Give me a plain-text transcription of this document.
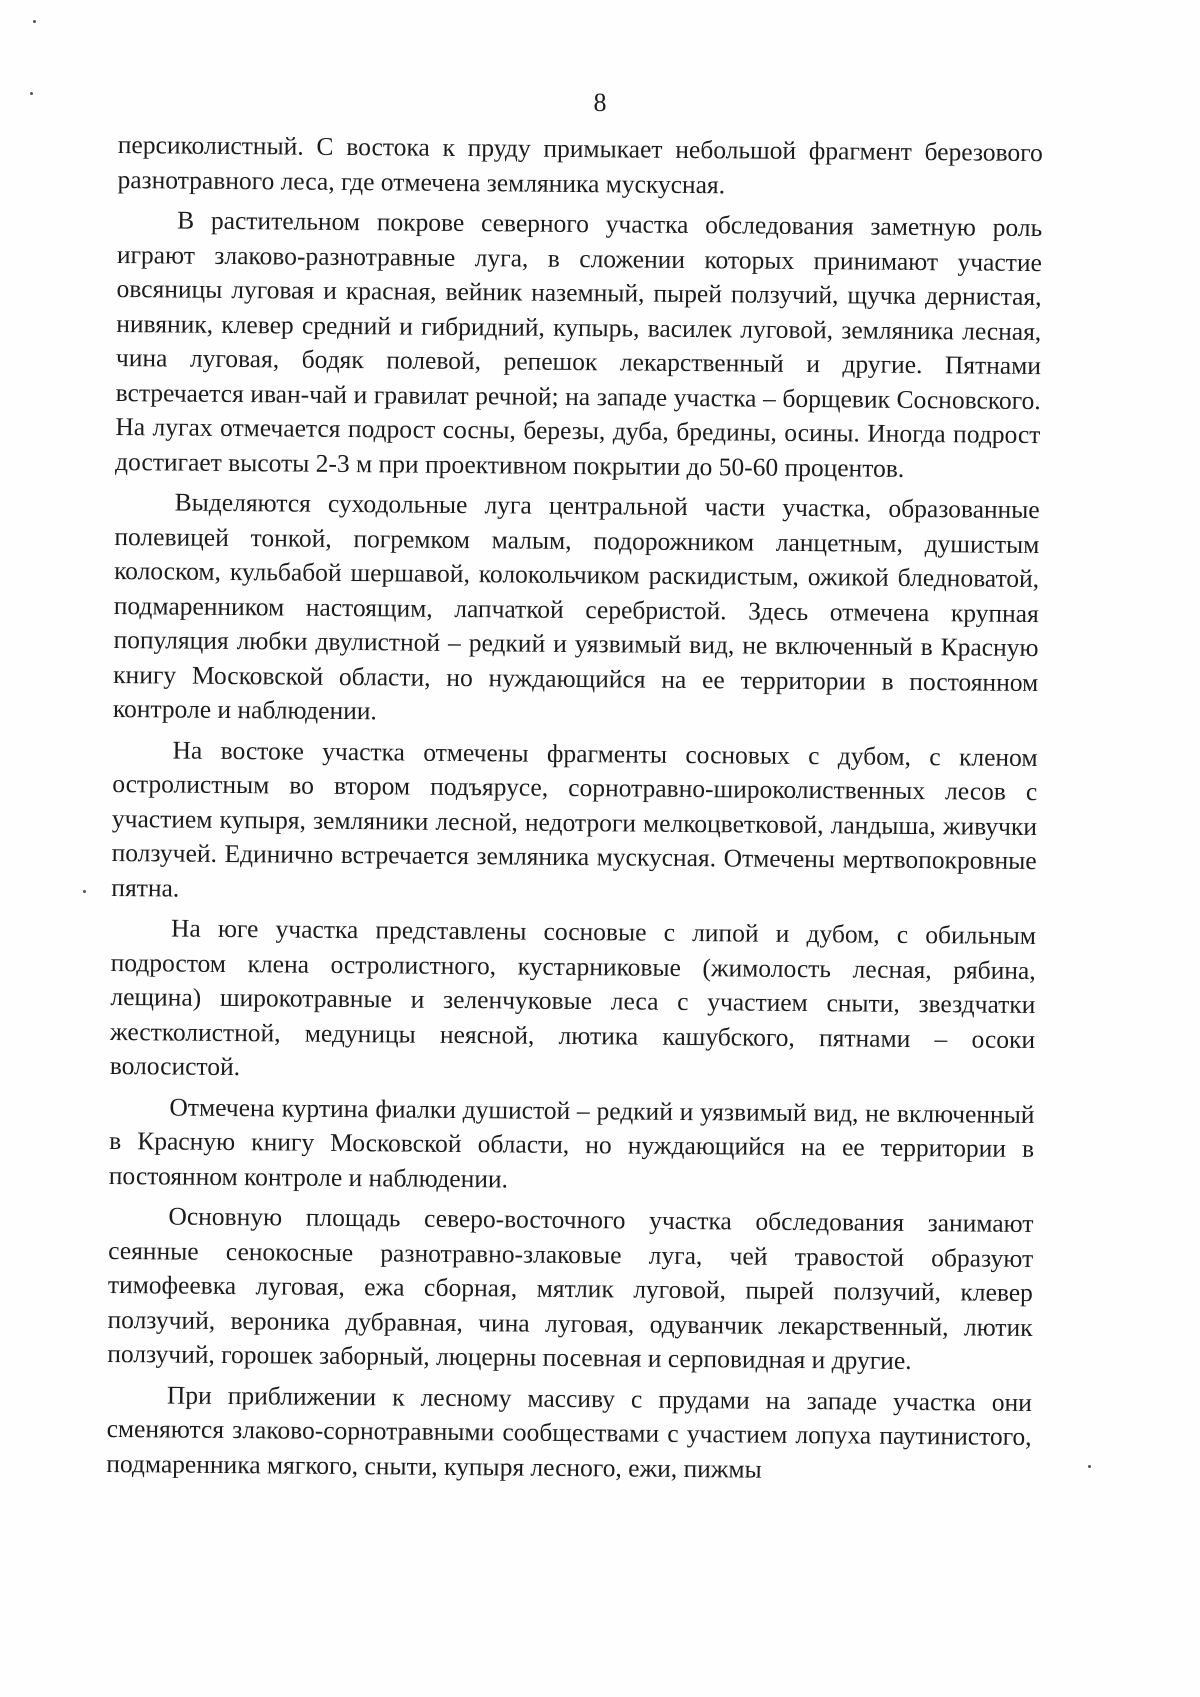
8

персиколистный. С востока к пруду примыкает небольшой фрагмент березового разнотравного леса, где отмечена земляника мускусная.

В растительном покрове северного участка обследования заметную роль играют злаково-разнотравные луга, в сложении которых принимают участие овсяницы луговая и красная, вейник наземный, пырей ползучий, щучка дернистая, нивяник, клевер средний и гибридний, купырь, василек луговой, земляника лесная, чина луговая, бодяк полевой, репешок лекарственный и другие. Пятнами встречается иван-чай и гравилат речной; на западе участка – борщевик Сосновского. На лугах отмечается подрост сосны, березы, дуба, бредины, осины. Иногда подрост достигает высоты 2-3 м при проективном покрытии до 50-60 процентов.

Выделяются суходольные луга центральной части участка, образованные полевицей тонкой, погремком малым, подорожником ланцетным, душистым колоском, кульбабой шершавой, колокольчиком раскидистым, ожикой бледноватой, подмаренником настоящим, лапчаткой серебристой. Здесь отмечена крупная популяция любки двулистной – редкий и уязвимый вид, не включенный в Красную книгу Московской области, но нуждающийся на ее территории в постоянном контроле и наблюдении.

На востоке участка отмечены фрагменты сосновых с дубом, с кленом остролистным во втором подъярусе, сорнотравно-широколиственных лесов с участием купыря, земляники лесной, недотроги мелкоцветковой, ландыша, живучки ползучей. Единично встречается земляника мускусная. Отмечены мертвопокровные пятна.

На юге участка представлены сосновые с липой и дубом, с обильным подростом клена остролистного, кустарниковые (жимолость лесная, рябина, лещина) широкотравные и зеленчуковые леса с участием сныти, звездчатки жестколистной, медуницы неясной, лютика кашубского, пятнами – осоки волосистой.

Отмечена куртина фиалки душистой – редкий и уязвимый вид, не включенный в Красную книгу Московской области, но нуждающийся на ее территории в постоянном контроле и наблюдении.

Основную площадь северо-восточного участка обследования занимают сеянные сенокосные разнотравно-злаковые луга, чей травостой образуют тимофеевка луговая, ежа сборная, мятлик луговой, пырей ползучий, клевер ползучий, вероника дубравная, чина луговая, одуванчик лекарственный, лютик ползучий, горошек заборный, люцерны посевная и серповидная и другие.

При приближении к лесному массиву с прудами на западе участка они сменяются злаково-сорнотравными сообществами с участием лопуха паутинистого, подмаренника мягкого, сныти, купыря лесного, ежи, пижмы
